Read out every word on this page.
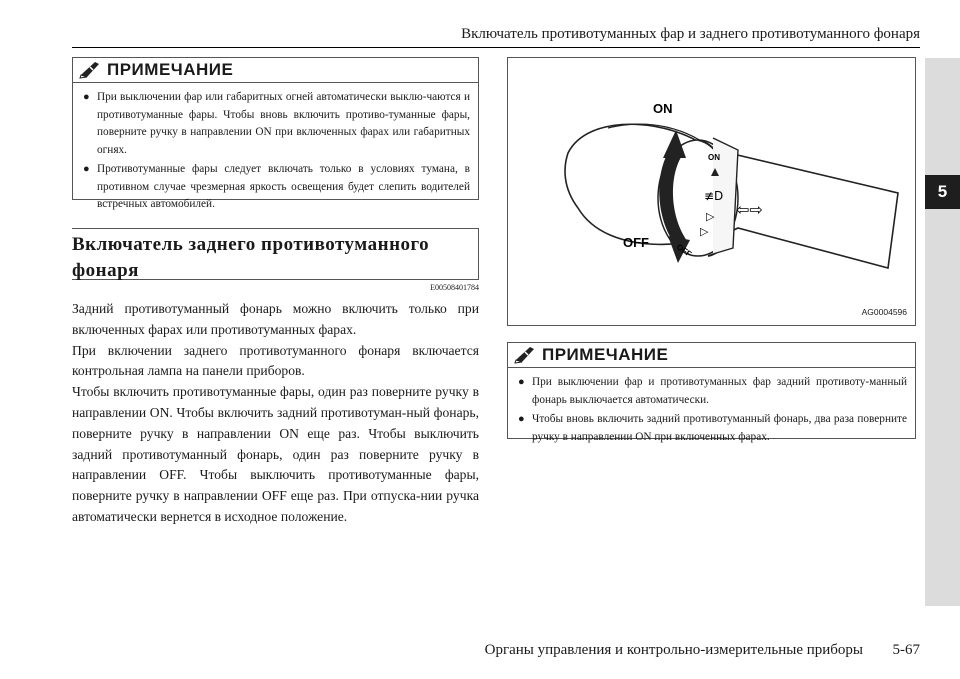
Включатель противотуманных фар и заднего противотуманного фонаря
5
ПРИМЕЧАНИЕ
● При выключении фар или габаритных огней автоматически выклю-чаются и противотуманные фары. Чтобы вновь включить противо-туманные фары, поверните ручку в направлении ON при включенных фарах или габаритных огнях.
● Противотуманные фары следует включать только в условиях тумана, в противном случае чрезмерная яркость освещения будет слепить водителей встречных автомобилей.
Включатель заднего противотуманного
фонаря
E00508401784

Задний противотуманный фонарь можно включить только при включенных фарах или противотуманных фарах.

При включении заднего противотуманного фонаря включается контрольная лампа на панели приборов.

Чтобы включить противотуманные фары, один раз поверните ручку в направлении ON. Чтобы включить задний противотуман-ный фонарь, поверните ручку в направлении ON еще раз. Чтобы выключить задний противотуманный фонарь, один раз поверните ручку в направлении OFF. Чтобы выключить противотуманные фары, поверните ручку в направлении OFF еще раз. При отпуска-нии ручка автоматически вернется в исходное положение.

ON
≢D
▷
▷
OFF
ON
OFF
⇦⇨
AG0004596
ПРИМЕЧАНИЕ
● При выключении фар и противотуманных фар задний противоту-манный фонарь выключается автоматически.
● Чтобы вновь включить задний противотуманный фонарь, два раза поверните ручку в направлении ON при включенных фарах.
Органы управления и контрольно-измерительные приборы 5-67
